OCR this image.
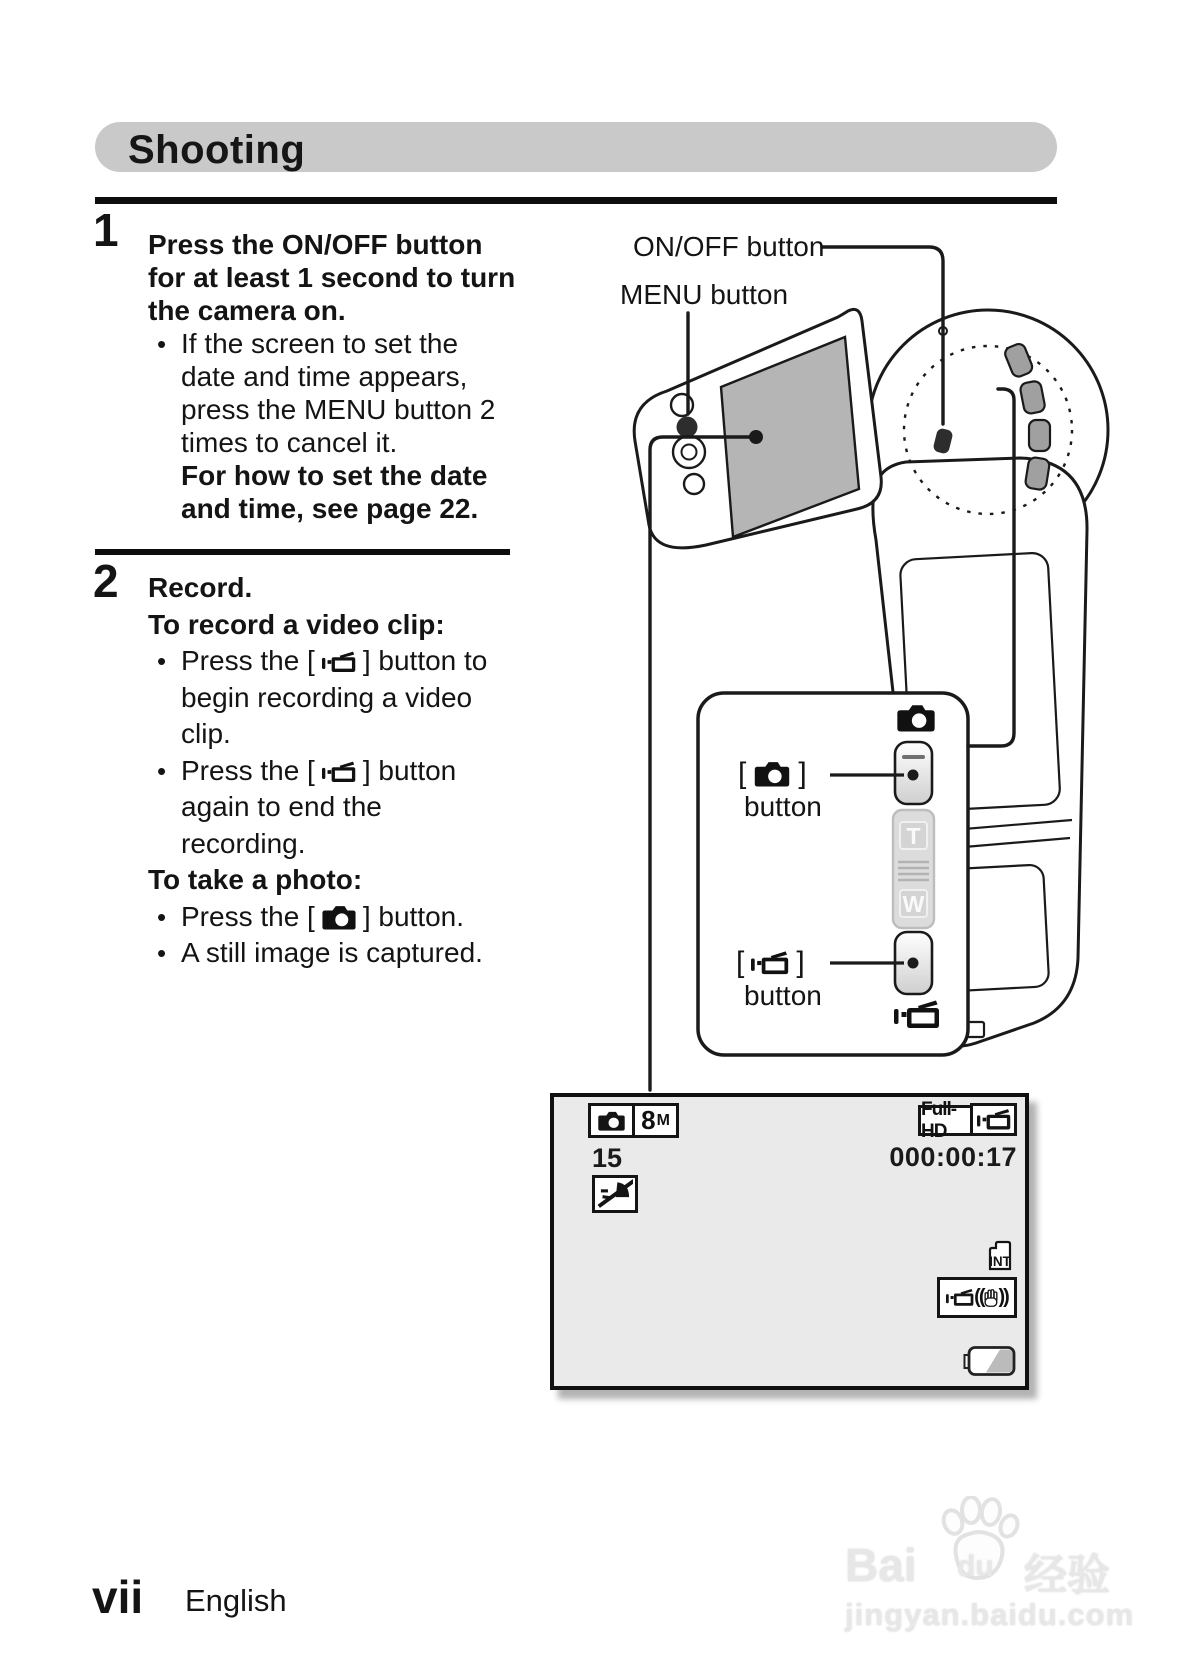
T
W
Shooting
1 Press the ON/OFF button
for at least 1 second to turn
the camera on.
• If the screen to set the
date and time appears,
press the MENU button 2
times to cancel it.
For how to set the date
and time, see page 22.
2 Record.
To record a video clip:
• Press the [ ] button to
begin recording a video
clip.
• Press the [ ] button
again to end the
recording.
To take a photo:
• Press the [ ] button.
• A still image is captured.
ON/OFF button
MENU button
[ ]
button
[ ]
button
8 M
15
Full-HD
000:00:17
INT
(( ))
vii English
Bai du 经验
jingyan.baidu.com
